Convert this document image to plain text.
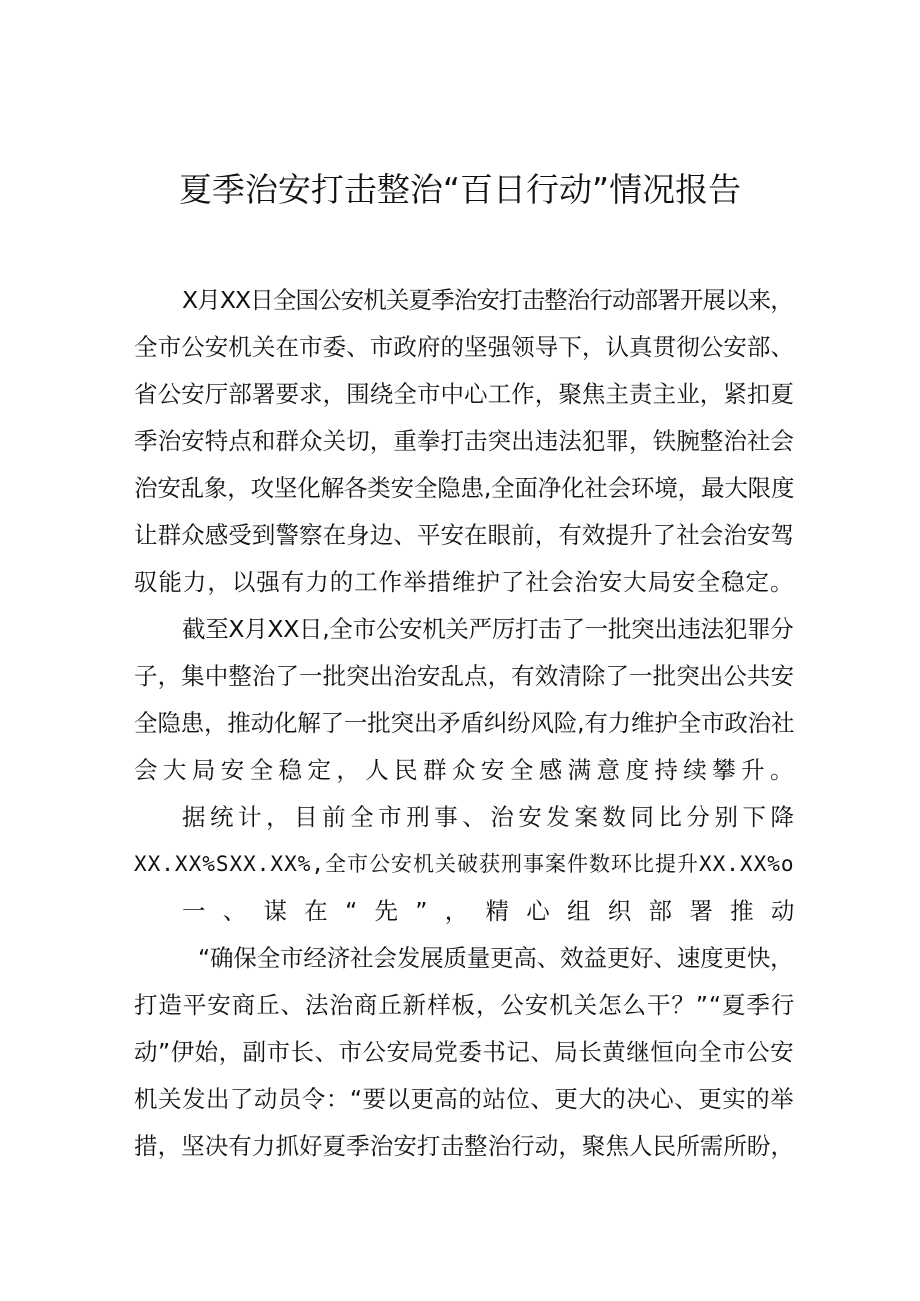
夏季治安打击整治“百日行动”情况报告
X月XX日全国公安机关夏季治安打击整治行动部署开展以来，
全市公安机关在市委、市政府的坚强领导下，认真贯彻公安部、
省公安厅部署要求，围绕全市中心工作，聚焦主责主业，紧扣夏
季治安特点和群众关切，重拳打击突出违法犯罪，铁腕整治社会
治安乱象，攻坚化解各类安全隐患,全面净化社会环境，最大限度
让群众感受到警察在身边、平安在眼前，有效提升了社会治安驾
驭能力，以强有力的工作举措维护了社会治安大局安全稳定。
截至X月XX日,全市公安机关严厉打击了一批突出违法犯罪分
子，集中整治了一批突出治安乱点，有效清除了一批突出公共安
全隐患，推动化解了一批突出矛盾纠纷风险,有力维护全市政治社
会大局安全稳定，人民群众安全感满意度持续攀升。
据统计，目前全市刑事、治安发案数同比分别下降
XX.XX%SXX.XX%,全市公安机关破获刑事案件数环比提升XX.XX%o
一、谋在“先”，精心组织部署推动
“确保全市经济社会发展质量更高、效益更好、速度更快，
打造平安商丘、法治商丘新样板，公安机关怎么干？”“夏季行
动”伊始，副市长、市公安局党委书记、局长黄继恒向全市公安
机关发出了动员令：“要以更高的站位、更大的决心、更实的举
措，坚决有力抓好夏季治安打击整治行动，聚焦人民所需所盼，
